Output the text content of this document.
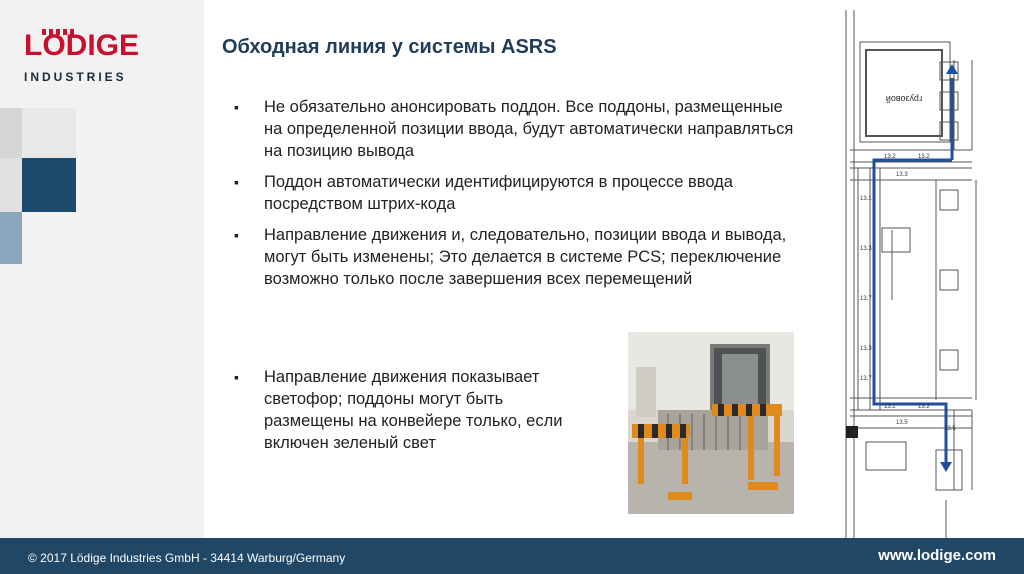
LÖDIGE
INDUSTRIES
Обходная линия у системы ASRS
▪ Не обязательно анонсировать поддон. Все поддоны, размещенные на определенной позиции ввода, будут автоматически направляться на позицию вывода
▪ Поддон автоматически идентифицируются в процессе ввода посредством штрих-кода
▪ Направление движения и, следовательно, позиции ввода и вывода, могут быть изменены; Это делается в системе PCS; переключение возможно только после завершения всех перемещений
▪ Направление движения показывает светофор; поддоны могут быть размещены на конвейере только, если включен зеленый свет
грузовой
13.2	13.2
13.1
13.3
13.7
13.3
13.2	13.2
13.5
13.7
13.3
13.5
© 2017 Lödige Industries GmbH - 34414 Warburg/Germany	www.lodige.com
